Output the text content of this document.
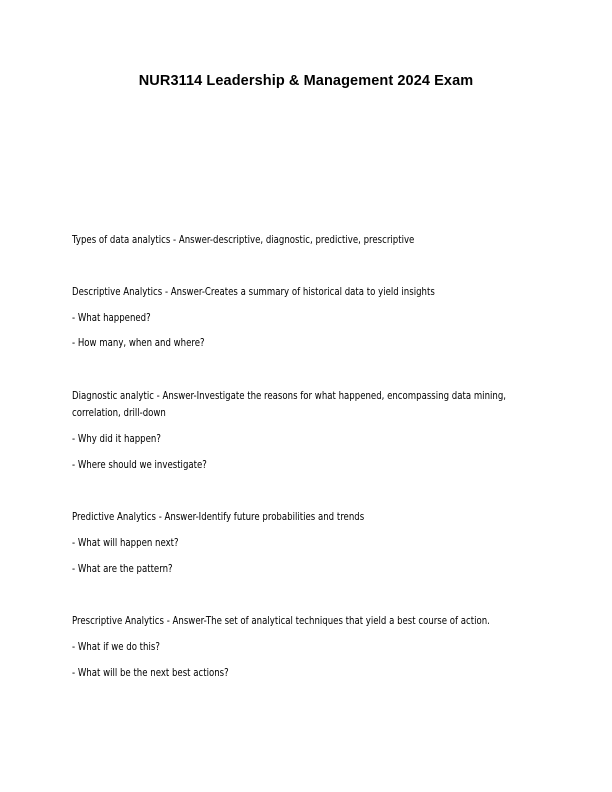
NUR3114 Leadership & Management 2024 Exam

Types of data analytics - Answer-descriptive, diagnostic, predictive, prescriptive

Descriptive Analytics - Answer-Creates a summary of historical data to yield insights

- What happened?

- How many, when and where?

Diagnostic analytic - Answer-Investigate the reasons for what happened, encompassing data mining, correlation, drill-down

- Why did it happen?

- Where should we investigate?

Predictive Analytics - Answer-Identify future probabilities and trends

- What will happen next?

- What are the pattern?

Prescriptive Analytics - Answer-The set of analytical techniques that yield a best course of action.

- What if we do this?

- What will be the next best actions?
